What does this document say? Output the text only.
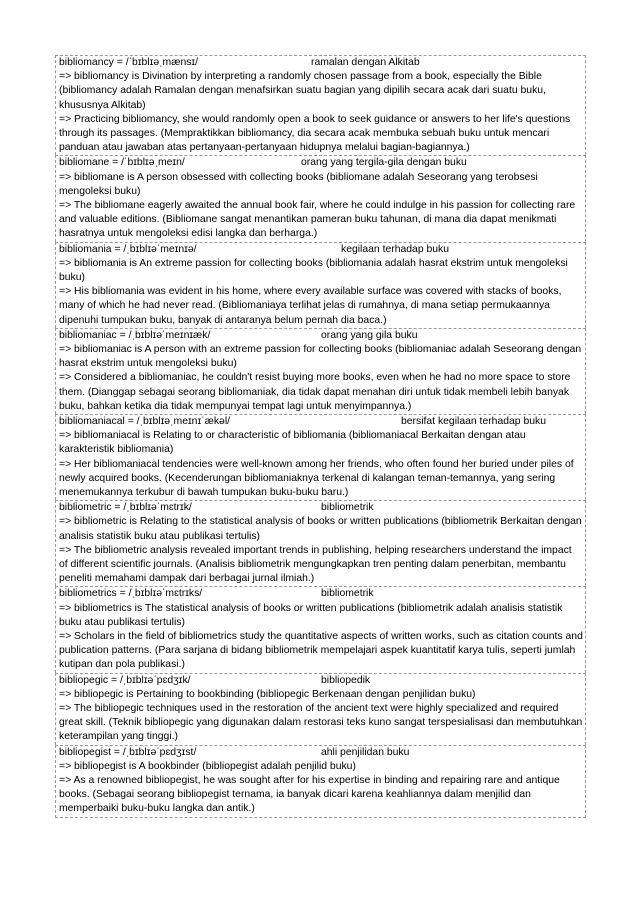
bibliomancy = /ˈbɪblɪəˌmænsɪ/	ramalan dengan Alkitab
=> bibliomancy is Divination by interpreting a randomly chosen passage from a book, especially the Bible (bibliomancy adalah Ramalan dengan menafsirkan suatu bagian yang dipilih secara acak dari suatu buku, khususnya Alkitab)
=> Practicing bibliomancy, she would randomly open a book to seek guidance or answers to her life's questions through its passages. (Mempraktikkan bibliomancy, dia secara acak membuka sebuah buku untuk mencari panduan atau jawaban atas pertanyaan-pertanyaan hidupnya melalui bagian-bagiannya.)
bibliomane = /ˈbɪblɪəˌmeɪn/	orang yang tergila-gila dengan buku
=> bibliomane is A person obsessed with collecting books (bibliomane adalah Seseorang yang terobsesi mengoleksi buku)
=> The bibliomane eagerly awaited the annual book fair, where he could indulge in his passion for collecting rare and valuable editions. (Bibliomane sangat menantikan pameran buku tahunan, di mana dia dapat menikmati hasratnya untuk mengoleksi edisi langka dan berharga.)
bibliomania = /ˌbɪblɪəˈmeɪnɪə/	kegilaan terhadap buku
=> bibliomania is An extreme passion for collecting books (bibliomania adalah hasrat ekstrim untuk mengoleksi buku)
=> His bibliomania was evident in his home, where every available surface was covered with stacks of books, many of which he had never read. (Bibliomaniaya terlihat jelas di rumahnya, di mana setiap permukaannya dipenuhi tumpukan buku, banyak di antaranya belum pernah dia baca.)
bibliomaniac = /ˌbɪblɪəˈmeɪnɪæk/	orang yang gila buku
=> bibliomaniac is A person with an extreme passion for collecting books (bibliomaniac adalah Seseorang dengan hasrat ekstrim untuk mengoleksi buku)
=> Considered a bibliomaniac, he couldn't resist buying more books, even when he had no more space to store them. (Dianggap sebagai seorang bibliomaniak, dia tidak dapat menahan diri untuk tidak membeli lebih banyak buku, bahkan ketika dia tidak mempunyai tempat lagi untuk menyimpannya.)
bibliomaniacal = /ˌbɪblɪəˌmeɪnɪˈækəl/	bersifat kegilaan terhadap buku
=> bibliomaniacal is Relating to or characteristic of bibliomania (bibliomaniacal Berkaitan dengan atau karakteristik bibliomania)
=> Her bibliomaniacal tendencies were well-known among her friends, who often found her buried under piles of newly acquired books. (Kecenderungan bibliomaniaknya terkenal di kalangan teman-temannya, yang sering menemukannya terkubur di bawah tumpukan buku-buku baru.)
bibliometric = /ˌbɪblɪəˈmɛtrɪk/	bibliometrik
=> bibliometric is Relating to the statistical analysis of books or written publications (bibliometrik Berkaitan dengan analisis statistik buku atau publikasi tertulis)
=> The bibliometric analysis revealed important trends in publishing, helping researchers understand the impact of different scientific journals. (Analisis bibliometrik mengungkapkan tren penting dalam penerbitan, membantu peneliti memahami dampak dari berbagai jurnal ilmiah.)
bibliometrics = /ˌbɪblɪəˈmɛtrɪks/	bibliometrik
=> bibliometrics is The statistical analysis of books or written publications (bibliometrik adalah analisis statistik buku atau publikasi tertulis)
=> Scholars in the field of bibliometrics study the quantitative aspects of written works, such as citation counts and publication patterns. (Para sarjana di bidang bibliometrik mempelajari aspek kuantitatif karya tulis, seperti jumlah kutipan dan pola publikasi.)
bibliopegic = /ˌbɪblɪəˈpɛdʒɪk/	bibliopedik
=> bibliopegic is Pertaining to bookbinding (bibliopegic Berkenaan dengan penjilidan buku)
=> The bibliopegic techniques used in the restoration of the ancient text were highly specialized and required great skill. (Teknik bibliopegic yang digunakan dalam restorasi teks kuno sangat terspesialisasi dan membutuhkan keterampilan yang tinggi.)
bibliopegist = /ˌbɪblɪəˈpɛdʒɪst/	ahli penjilidan buku
=> bibliopegist is A bookbinder (bibliopegist adalah penjilid buku)
=> As a renowned bibliopegist, he was sought after for his expertise in binding and repairing rare and antique books. (Sebagai seorang bibliopegist ternama, ia banyak dicari karena keahliannya dalam menjilid dan memperbaiki buku-buku langka dan antik.)
